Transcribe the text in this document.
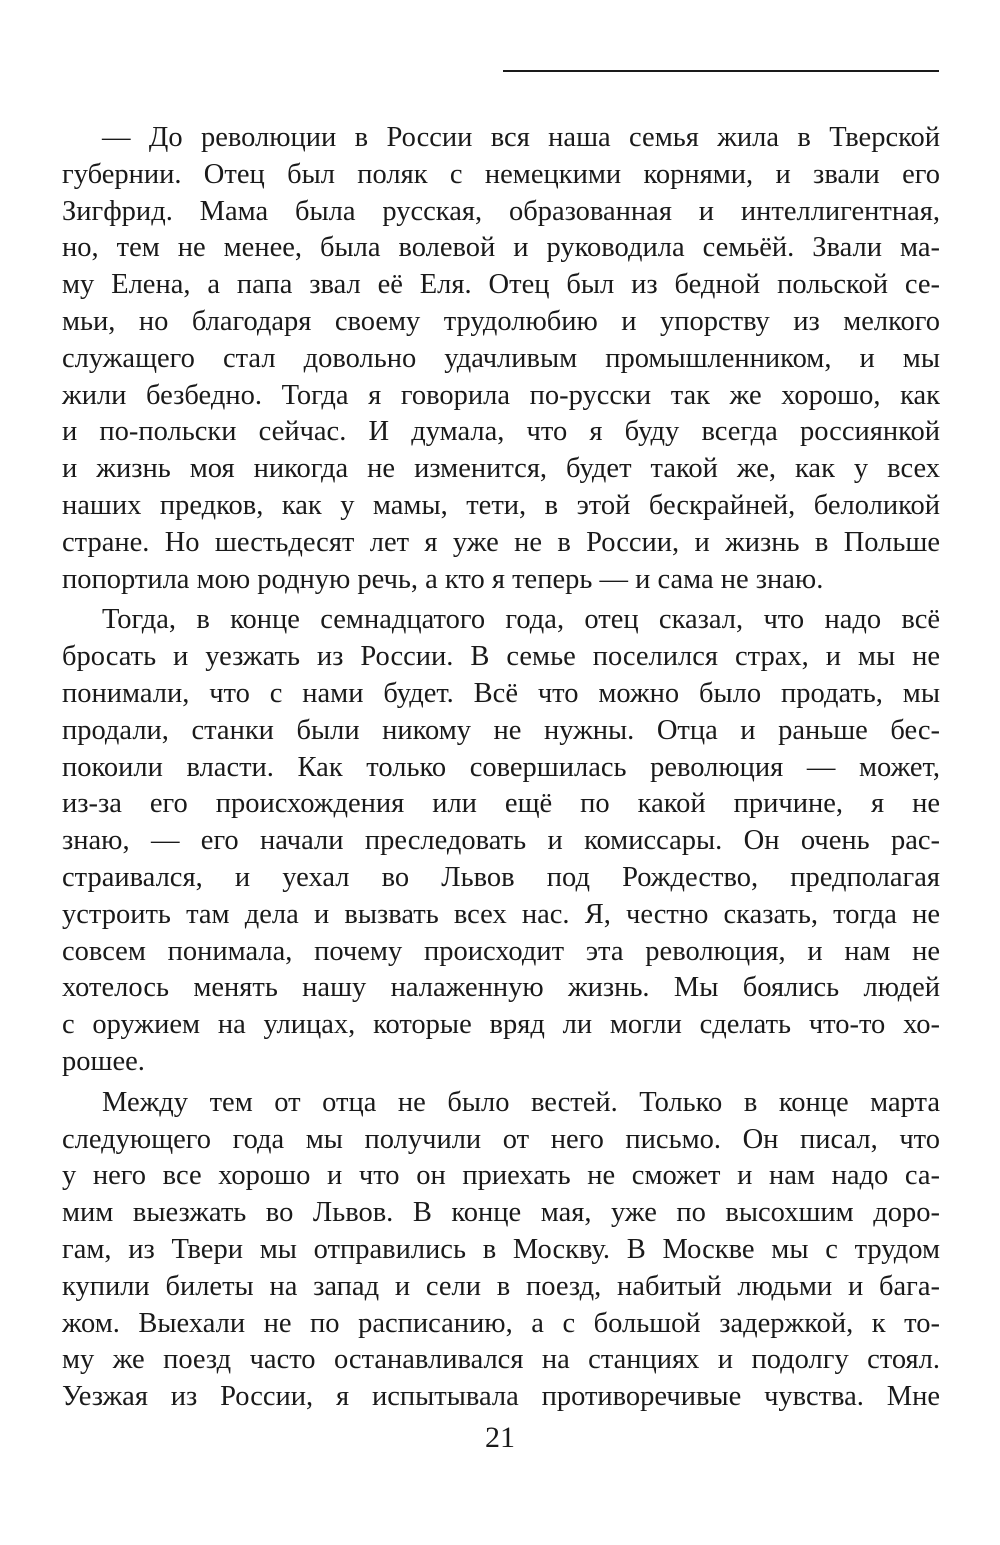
— До революции в России вся наша семья жила в Тверской
губернии. Отец был поляк с немецкими корнями, и звали его
Зигфрид. Мама была русская, образованная и интеллигентная,
но, тем не менее, была волевой и руководила семьёй. Звали ма-
му Елена, а папа звал её Еля. Отец был из бедной польской се-
мьи, но благодаря своему трудолюбию и упорству из мелкого
служащего стал довольно удачливым промышленником, и мы
жили безбедно. Тогда я говорила по-русски так же хорошо, как
и по-польски сейчас. И думала, что я буду всегда россиянкой
и жизнь моя никогда не изменится, будет такой же, как у всех
наших предков, как у мамы, тети, в этой бескрайней, белоликой
стране. Но шестьдесят лет я уже не в России, и жизнь в Польше
попортила мою родную речь, а кто я теперь — и сама не знаю.
Тогда, в конце семнадцатого года, отец сказал, что надо всё
бросать и уезжать из России. В семье поселился страх, и мы не
понимали, что с нами будет. Всё что можно было продать, мы
продали, станки были никому не нужны. Отца и раньше бес-
покоили власти. Как только совершилась революция — может,
из-за его происхождения или ещё по какой причине, я не
знаю, — его начали преследовать и комиссары. Он очень рас-
страивался, и уехал во Львов под Рождество, предполагая
устроить там дела и вызвать всех нас. Я, честно сказать, тогда не
совсем понимала, почему происходит эта революция, и нам не
хотелось менять нашу налаженную жизнь. Мы боялись людей
с оружием на улицах, которые вряд ли могли сделать что-то хо-
рошее.
Между тем от отца не было вестей. Только в конце марта
следующего года мы получили от него письмо. Он писал, что
у него все хорошо и что он приехать не сможет и нам надо са-
мим выезжать во Львов. В конце мая, уже по высохшим доро-
гам, из Твери мы отправились в Москву. В Москве мы с трудом
купили билеты на запад и сели в поезд, набитый людьми и бага-
жом. Выехали не по расписанию, а с большой задержкой, к то-
му же поезд часто останавливался на станциях и подолгу стоял.
Уезжая из России, я испытывала противоречивые чувства. Мне
21
